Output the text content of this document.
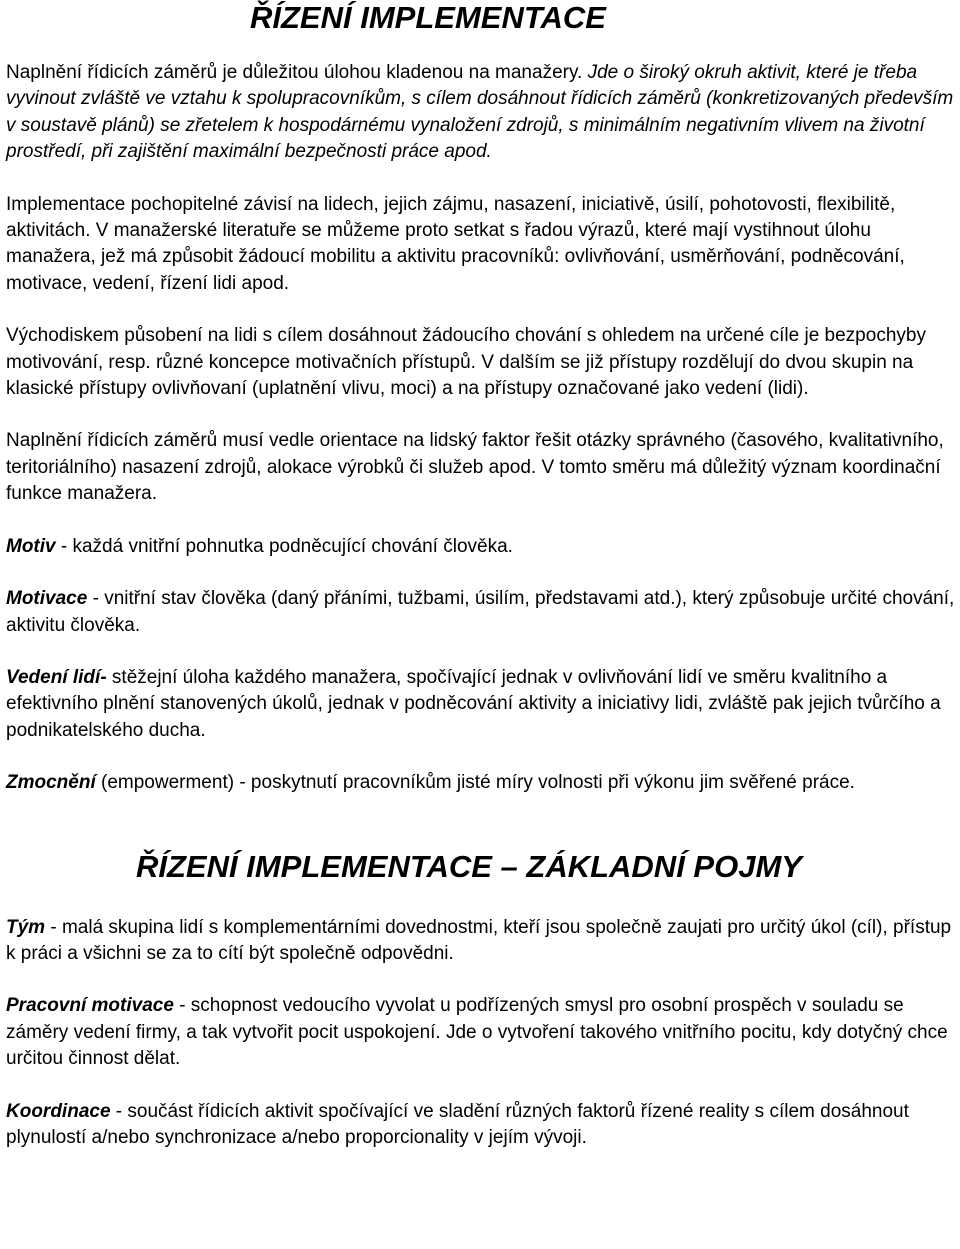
ŘÍZENÍ IMPLEMENTACE

Naplnění řídicích záměrů je důležitou úlohou kladenou na manažery. Jde o široký okruh aktivit, které je třeba vyvinout zvláště ve vztahu k spolupracovníkům, s cílem dosáhnout řídicích záměrů (konkretizovaných především v soustavě plánů) se zřetelem k hospodárnému vynaložení zdrojů, s minimálním negativním vlivem na životní prostředí, při zajištění maximální bezpečnosti práce apod.

Implementace pochopitelné závisí na lidech, jejich zájmu, nasazení, iniciativě, úsilí, pohotovosti, flexibilitě, aktivitách. V manažerské literatuře se můžeme proto setkat s řadou výrazů, které mají vystihnout úlohu manažera, jež má způsobit žádoucí mobilitu a aktivitu pracovníků: ovlivňování, usměrňování, podněcování, motivace, vedení, řízení lidi apod.

Východiskem působení na lidi s cílem dosáhnout žádoucího chování s ohledem na určené cíle je bezpochyby motivování, resp. různé koncepce motivačních přístupů. V dalším se již přístupy rozdělují do dvou skupin na klasické přístupy ovlivňovaní (uplatnění vlivu, moci) a na přístupy označované jako vedení (lidi).

Naplnění řídicích záměrů musí vedle orientace na lidský faktor řešit otázky správného (časového, kvalitativního, teritoriálního) nasazení zdrojů, alokace výrobků či služeb apod. V tomto směru má důležitý význam koordinační funkce manažera.

Motiv - každá vnitřní pohnutka podněcující chování člověka.

Motivace - vnitřní stav člověka (daný přáními, tužbami, úsilím, představami atd.), který způsobuje určité chování, aktivitu člověka.

Vedení lidí- stěžejní úloha každého manažera, spočívající jednak v ovlivňování lidí ve směru kvalitního a efektivního plnění stanovených úkolů, jednak v podněcování aktivity a iniciativy lidi, zvláště pak jejich tvůrčího a podnikatelského ducha.

Zmocnění (empowerment) - poskytnutí pracovníkům jisté míry volnosti při výkonu jim svěřené práce.

ŘÍZENÍ IMPLEMENTACE – ZÁKLADNÍ POJMY

Tým - malá skupina lidí s komplementárními dovednostmi, kteří jsou společně zaujati pro určitý úkol (cíl), přístup k práci a všichni se za to cítí být společně odpovědni.

Pracovní motivace - schopnost vedoucího vyvolat u podřízených smysl pro osobní prospěch v souladu se záměry vedení firmy, a tak vytvořit pocit uspokojení. Jde o vytvoření takového vnitřního pocitu, kdy dotyčný chce určitou činnost dělat.

Koordinace - součást řídicích aktivit spočívající ve sladění různých faktorů řízené reality s cílem dosáhnout plynulostí a/nebo synchronizace a/nebo proporcionality v jejím vývoji.
